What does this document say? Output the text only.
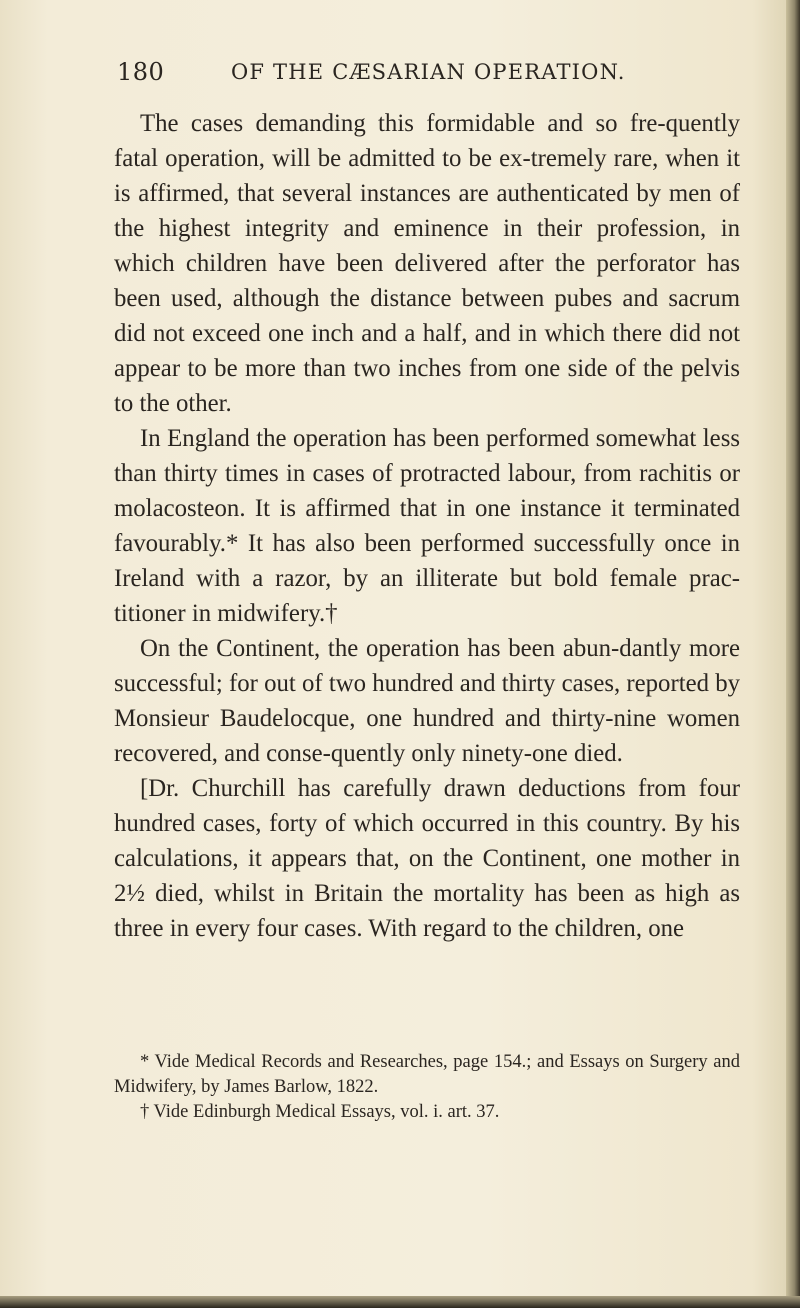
180	OF THE CÆSARIAN OPERATION.

The cases demanding this formidable and so fre-quently fatal operation, will be admitted to be ex-tremely rare, when it is affirmed, that several instances are authenticated by men of the highest integrity and eminence in their profession, in which children have been delivered after the perforator has been used, although the distance between pubes and sacrum did not exceed one inch and a half, and in which there did not appear to be more than two inches from one side of the pelvis to the other.

In England the operation has been performed somewhat less than thirty times in cases of protracted labour, from rachitis or molacosteon. It is affirmed that in one instance it terminated favourably.* It has also been performed successfully once in Ireland with a razor, by an illiterate but bold female prac-titioner in midwifery.†

On the Continent, the operation has been abun-dantly more successful; for out of two hundred and thirty cases, reported by Monsieur Baudelocque, one hundred and thirty-nine women recovered, and conse-quently only ninety-one died.

[Dr. Churchill has carefully drawn deductions from four hundred cases, forty of which occurred in this country. By his calculations, it appears that, on the Continent, one mother in 2½ died, whilst in Britain the mortality has been as high as three in every four cases. With regard to the children, one

* Vide Medical Records and Researches, page 154.; and Essays on Surgery and Midwifery, by James Barlow, 1822.

† Vide Edinburgh Medical Essays, vol. i. art. 37.
